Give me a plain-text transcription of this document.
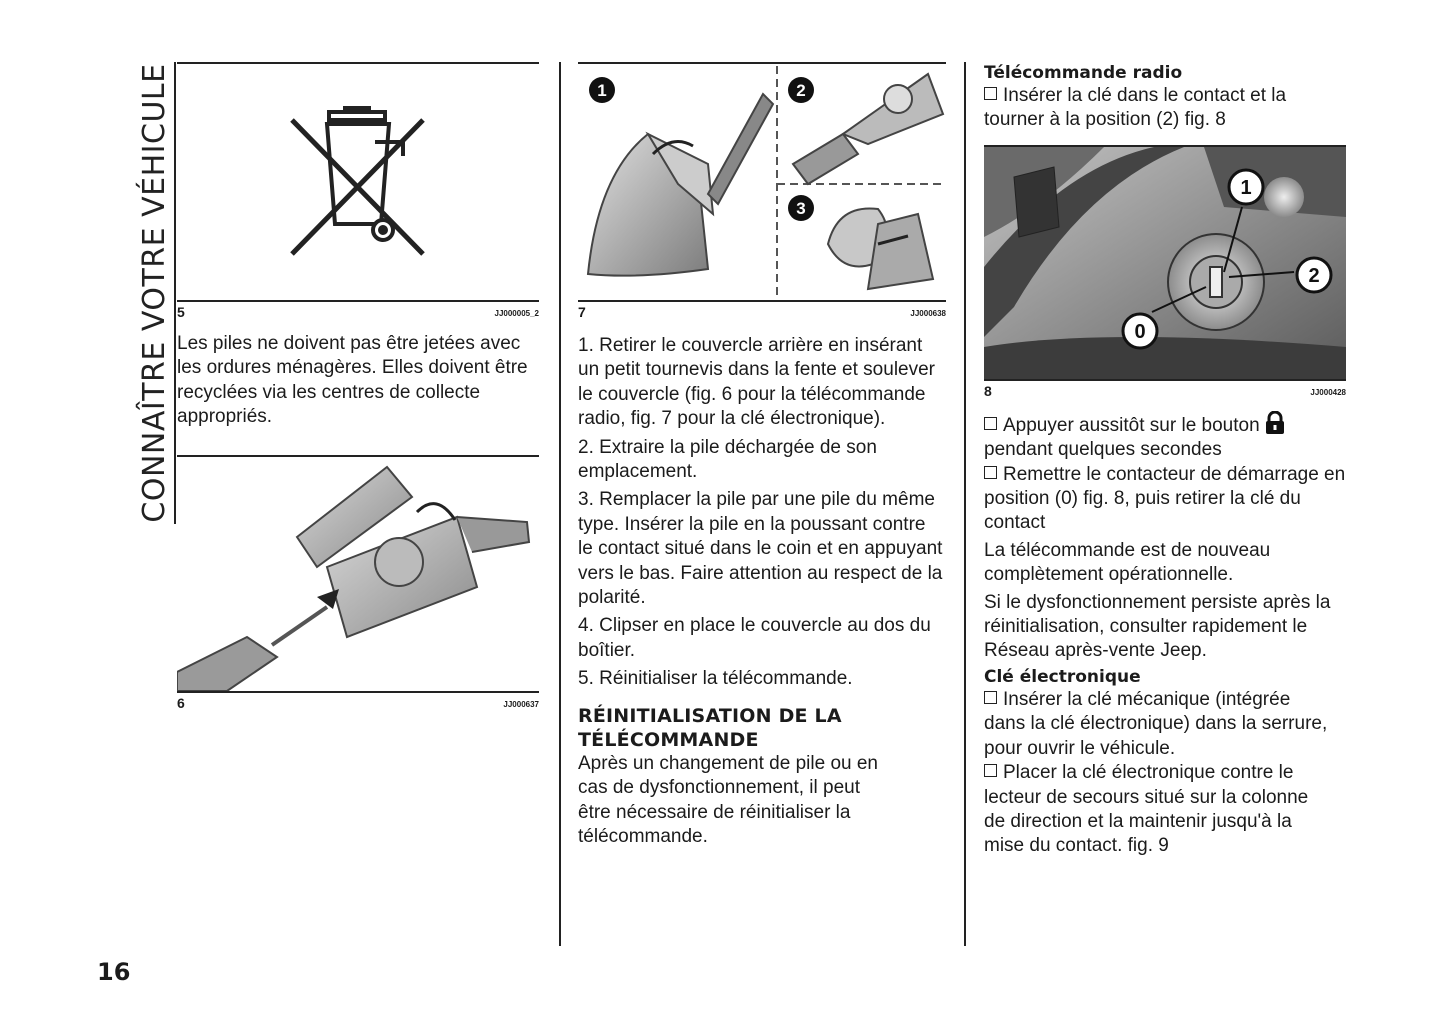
CONNAÎTRE VOTRE VÉHICULE 5	JJ000005_2

Les piles ne doivent pas être jetées avec les ordures ménagères. Elles doivent être recyclées via les centres de collecte appropriés.

6	JJ000637
1	2
3
7	JJ000638

1. Retirer le couvercle arrière en insérant un petit tournevis dans la fente et soulever le couvercle (fig. 6 pour la télécommande radio, fig. 7 pour la clé électronique).

2. Extraire la pile déchargée de son emplacement.

3. Remplacer la pile par une pile du même type. Insérer la pile en la poussant contre le contact situé dans le coin et en appuyant vers le bas. Faire attention au respect de la polarité.

4. Clipser en place le couvercle au dos du boîtier.

5. Réinitialiser la télécommande.

RÉINITIALISATION DE LA
TÉLÉCOMMANDE

Après un changement de pile ou en cas de dysfonctionnement, il peut être nécessaire de réinitialiser la télécommande.

Télécommande radio

Insérer la clé dans le contact et la tourner à la position (2) fig. 8

1
2
0
8	JJ000428

Appuyer aussitôt sur le bouton

pendant quelques secondes

Remettre le contacteur de démarrage en position (0) fig. 8, puis retirer la clé du contact

La télécommande est de nouveau complètement opérationnelle.

Si le dysfonctionnement persiste après la réinitialisation, consulter rapidement le Réseau après-vente Jeep.

Clé électronique

Insérer la clé mécanique (intégrée dans la clé électronique) dans la serrure, pour ouvrir le véhicule.

Placer la clé électronique contre le lecteur de secours situé sur la colonne de direction et la maintenir jusqu'à la mise du contact. fig. 9

16
